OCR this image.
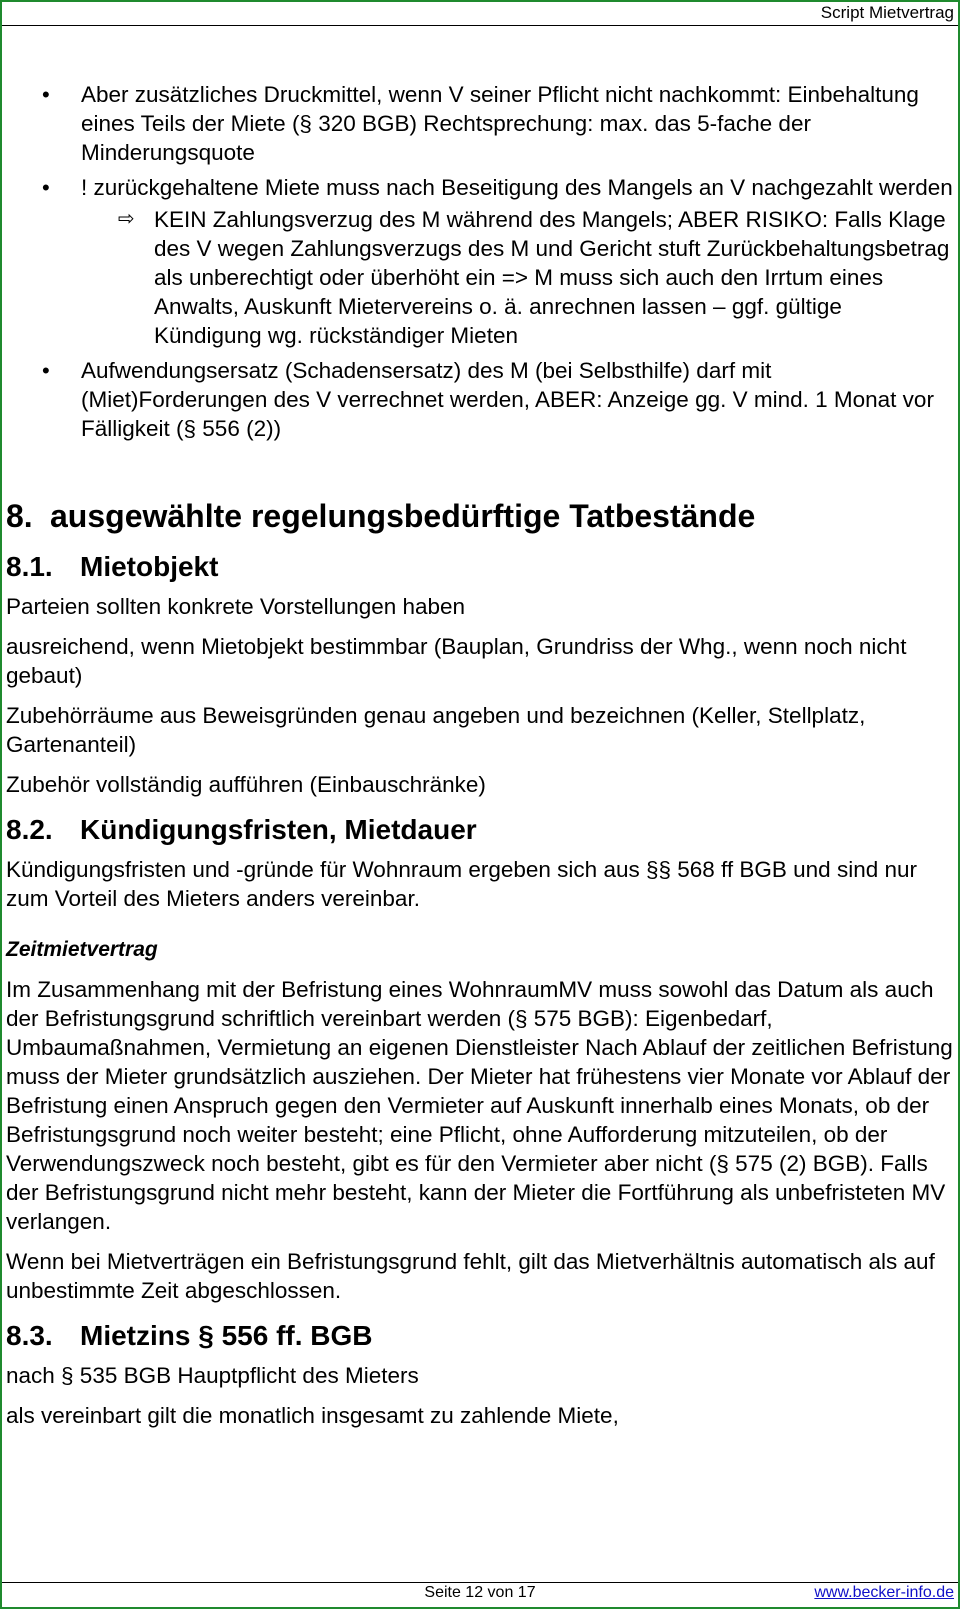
Script Mietvertrag
• Aber zusätzliches Druckmittel, wenn V seiner Pflicht nicht nachkommt: Einbehaltung eines Teils der Miete (§ 320 BGB) Rechtsprechung: max. das 5-fache der Minderungsquote
• ! zurückgehaltene Miete muss nach Beseitigung des Mangels an V nachgezahlt werden
⇨ KEIN Zahlungsverzug des M während des Mangels; ABER RISIKO: Falls Klage des V wegen Zahlungsverzugs des M und Gericht stuft Zurückbehaltungsbetrag als unberechtigt oder überhöht ein => M muss sich auch den Irrtum eines Anwalts, Auskunft Mietervereins o. ä. anrechnen lassen – ggf. gültige Kündigung wg. rückständiger Mieten
• Aufwendungsersatz (Schadensersatz) des M (bei Selbsthilfe) darf mit (Miet)Forderungen des V verrechnet werden, ABER: Anzeige gg. V mind. 1 Monat vor Fälligkeit (§ 556 (2))
8. ausgewählte regelungsbedürftige Tatbestände
8.1. Mietobjekt

Parteien sollten konkrete Vorstellungen haben

ausreichend, wenn Mietobjekt bestimmbar (Bauplan, Grundriss der Whg., wenn noch nicht gebaut)

Zubehörräume aus Beweisgründen genau angeben und bezeichnen (Keller, Stellplatz, Gartenanteil)

Zubehör vollständig aufführen (Einbauschränke)

8.2. Kündigungsfristen, Mietdauer

Kündigungsfristen und -gründe für Wohnraum ergeben sich aus §§ 568 ff BGB und sind nur zum Vorteil des Mieters anders vereinbar.

Zeitmietvertrag

Im Zusammenhang mit der Befristung eines WohnraumMV muss sowohl das Datum als auch der Befristungsgrund schriftlich vereinbart werden (§ 575 BGB): Eigenbedarf, Umbaumaßnahmen, Vermietung an eigenen Dienstleister Nach Ablauf der zeitlichen Befristung muss der Mieter grundsätzlich ausziehen. Der Mieter hat frühestens vier Monate vor Ablauf der Befristung einen Anspruch gegen den Vermieter auf Auskunft innerhalb eines Monats, ob der Befristungsgrund noch weiter besteht; eine Pflicht, ohne Aufforderung mitzuteilen, ob der Verwendungszweck noch besteht, gibt es für den Vermieter aber nicht (§ 575 (2) BGB). Falls der Befristungsgrund nicht mehr besteht, kann der Mieter die Fortführung als unbefristeten MV verlangen.

Wenn bei Mietverträgen ein Befristungsgrund fehlt, gilt das Mietverhältnis automatisch als auf unbestimmte Zeit abgeschlossen.

8.3. Mietzins § 556 ff. BGB

nach § 535 BGB Hauptpflicht des Mieters

als vereinbart gilt die monatlich insgesamt zu zahlende Miete,

Seite 12 von 17	www.becker-info.de
